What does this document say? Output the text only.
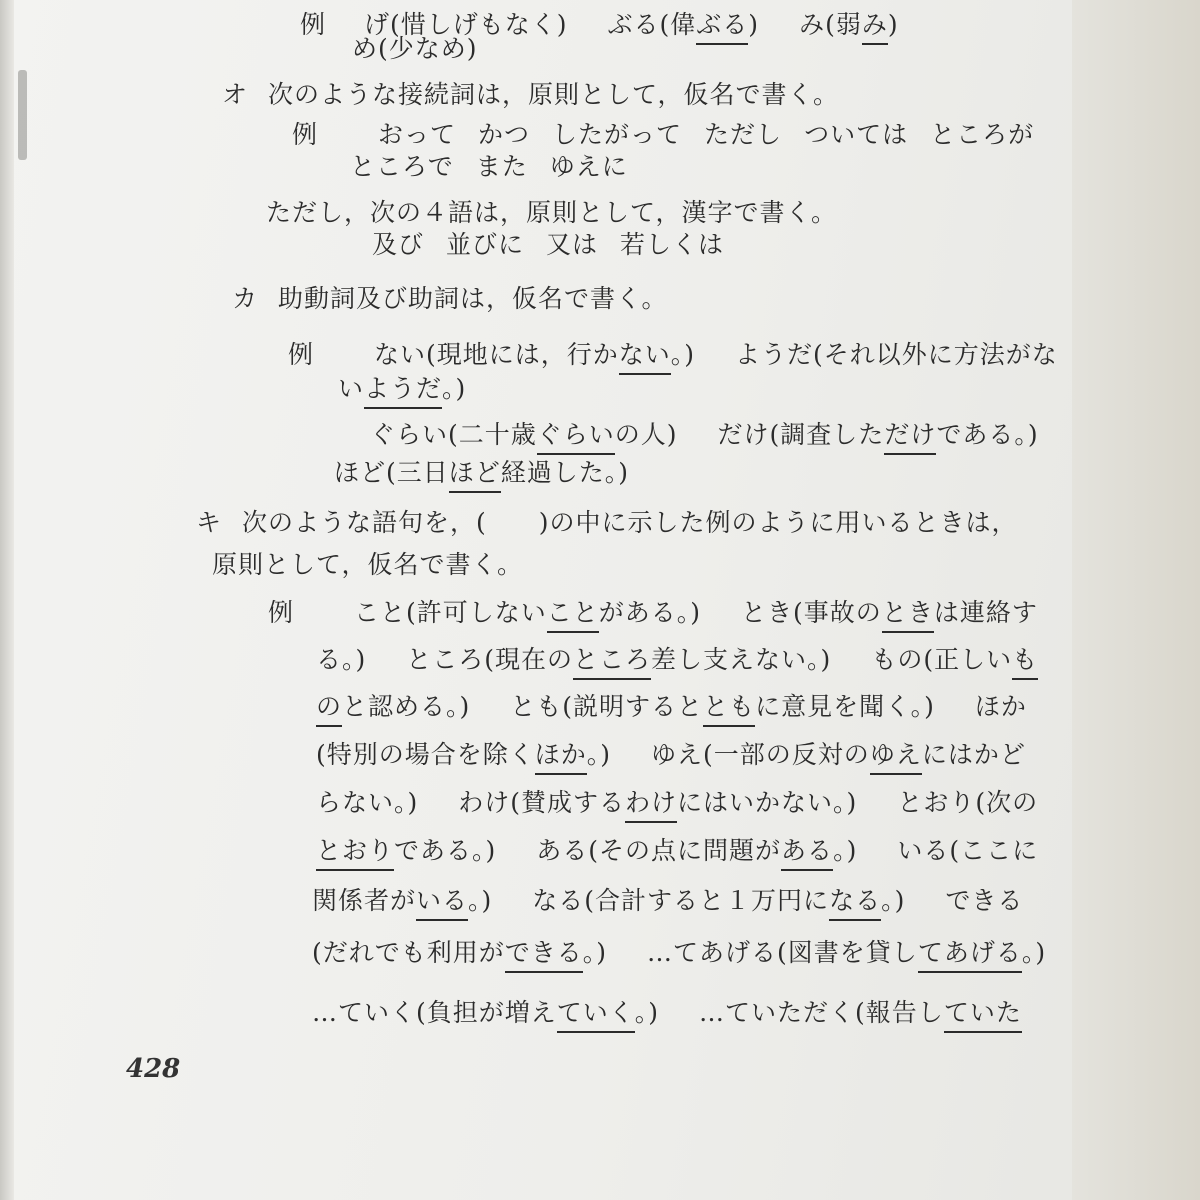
例 げ(惜しげもなく) ぶる(偉ぶる) み(弱み)
め(少なめ)
オ 次のような接続詞は，原則として，仮名で書く。
例 おって かつ したがって ただし ついては ところが
ところで また ゆえに
ただし，次の４語は，原則として，漢字で書く。
及び 並びに 又は 若しくは
カ 助動詞及び助詞は，仮名で書く。
例 ない(現地には，行かない。) ようだ(それ以外に方法がな
いようだ。)
ぐらい(二十歳ぐらいの人) だけ(調査しただけである。)
ほど(三日ほど経過した。)
キ 次のような語句を，(　　)の中に示した例のように用いるときは，
原則として，仮名で書く。
例 こと(許可しないことがある。) とき(事故のときは連絡す
る。) ところ(現在のところ差し支えない。) もの(正しいも
のと認める。) とも(説明するとともに意見を聞く。) ほか
(特別の場合を除くほか。) ゆえ(一部の反対のゆえにはかど
らない。) わけ(賛成するわけにはいかない。) とおり(次の
とおりである。) ある(その点に問題がある。) いる(ここに
関係者がいる。) なる(合計すると１万円になる。) できる
(だれでも利用ができる。) …てあげる(図書を貸してあげる。)
…ていく(負担が増えていく。) …ていただく(報告していた
428
